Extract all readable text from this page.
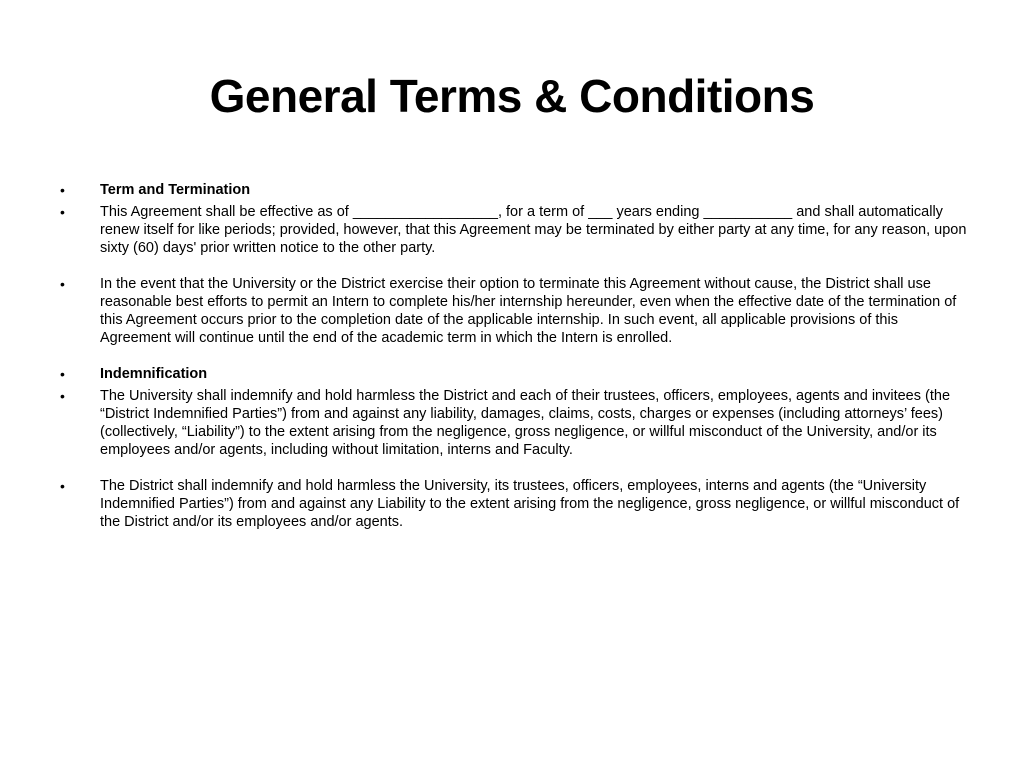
General Terms & Conditions
•	Term and Termination
•	This Agreement shall be effective as of __________________, for a term of ___ years ending ___________ and shall automatically renew itself for like periods; provided, however, that this Agreement may be terminated by either party at any time, for any reason, upon sixty (60) days' prior written notice to the other party.
•	In the event that the University or the District exercise their option to terminate this Agreement without cause, the District shall use reasonable best efforts to permit an Intern to complete his/her internship hereunder, even when the effective date of the termination of this Agreement occurs prior to the completion date of the applicable internship. In such event, all applicable provisions of this Agreement will continue until the end of the academic term in which the Intern is enrolled.
•	Indemnification
•	The University shall indemnify and hold harmless the District and each of their trustees, officers, employees, agents and invitees (the “District Indemnified Parties”) from and against any liability, damages, claims, costs, charges or expenses (including attorneys’ fees) (collectively, “Liability”) to the extent arising from the negligence, gross negligence, or willful misconduct of the University, and/or its employees and/or agents, including without limitation, interns and Faculty.
•	The District shall indemnify and hold harmless the University, its trustees, officers, employees, interns and agents (the “University Indemnified Parties”) from and against any Liability to the extent arising from the negligence, gross negligence, or willful misconduct of the District and/or its employees and/or agents.
